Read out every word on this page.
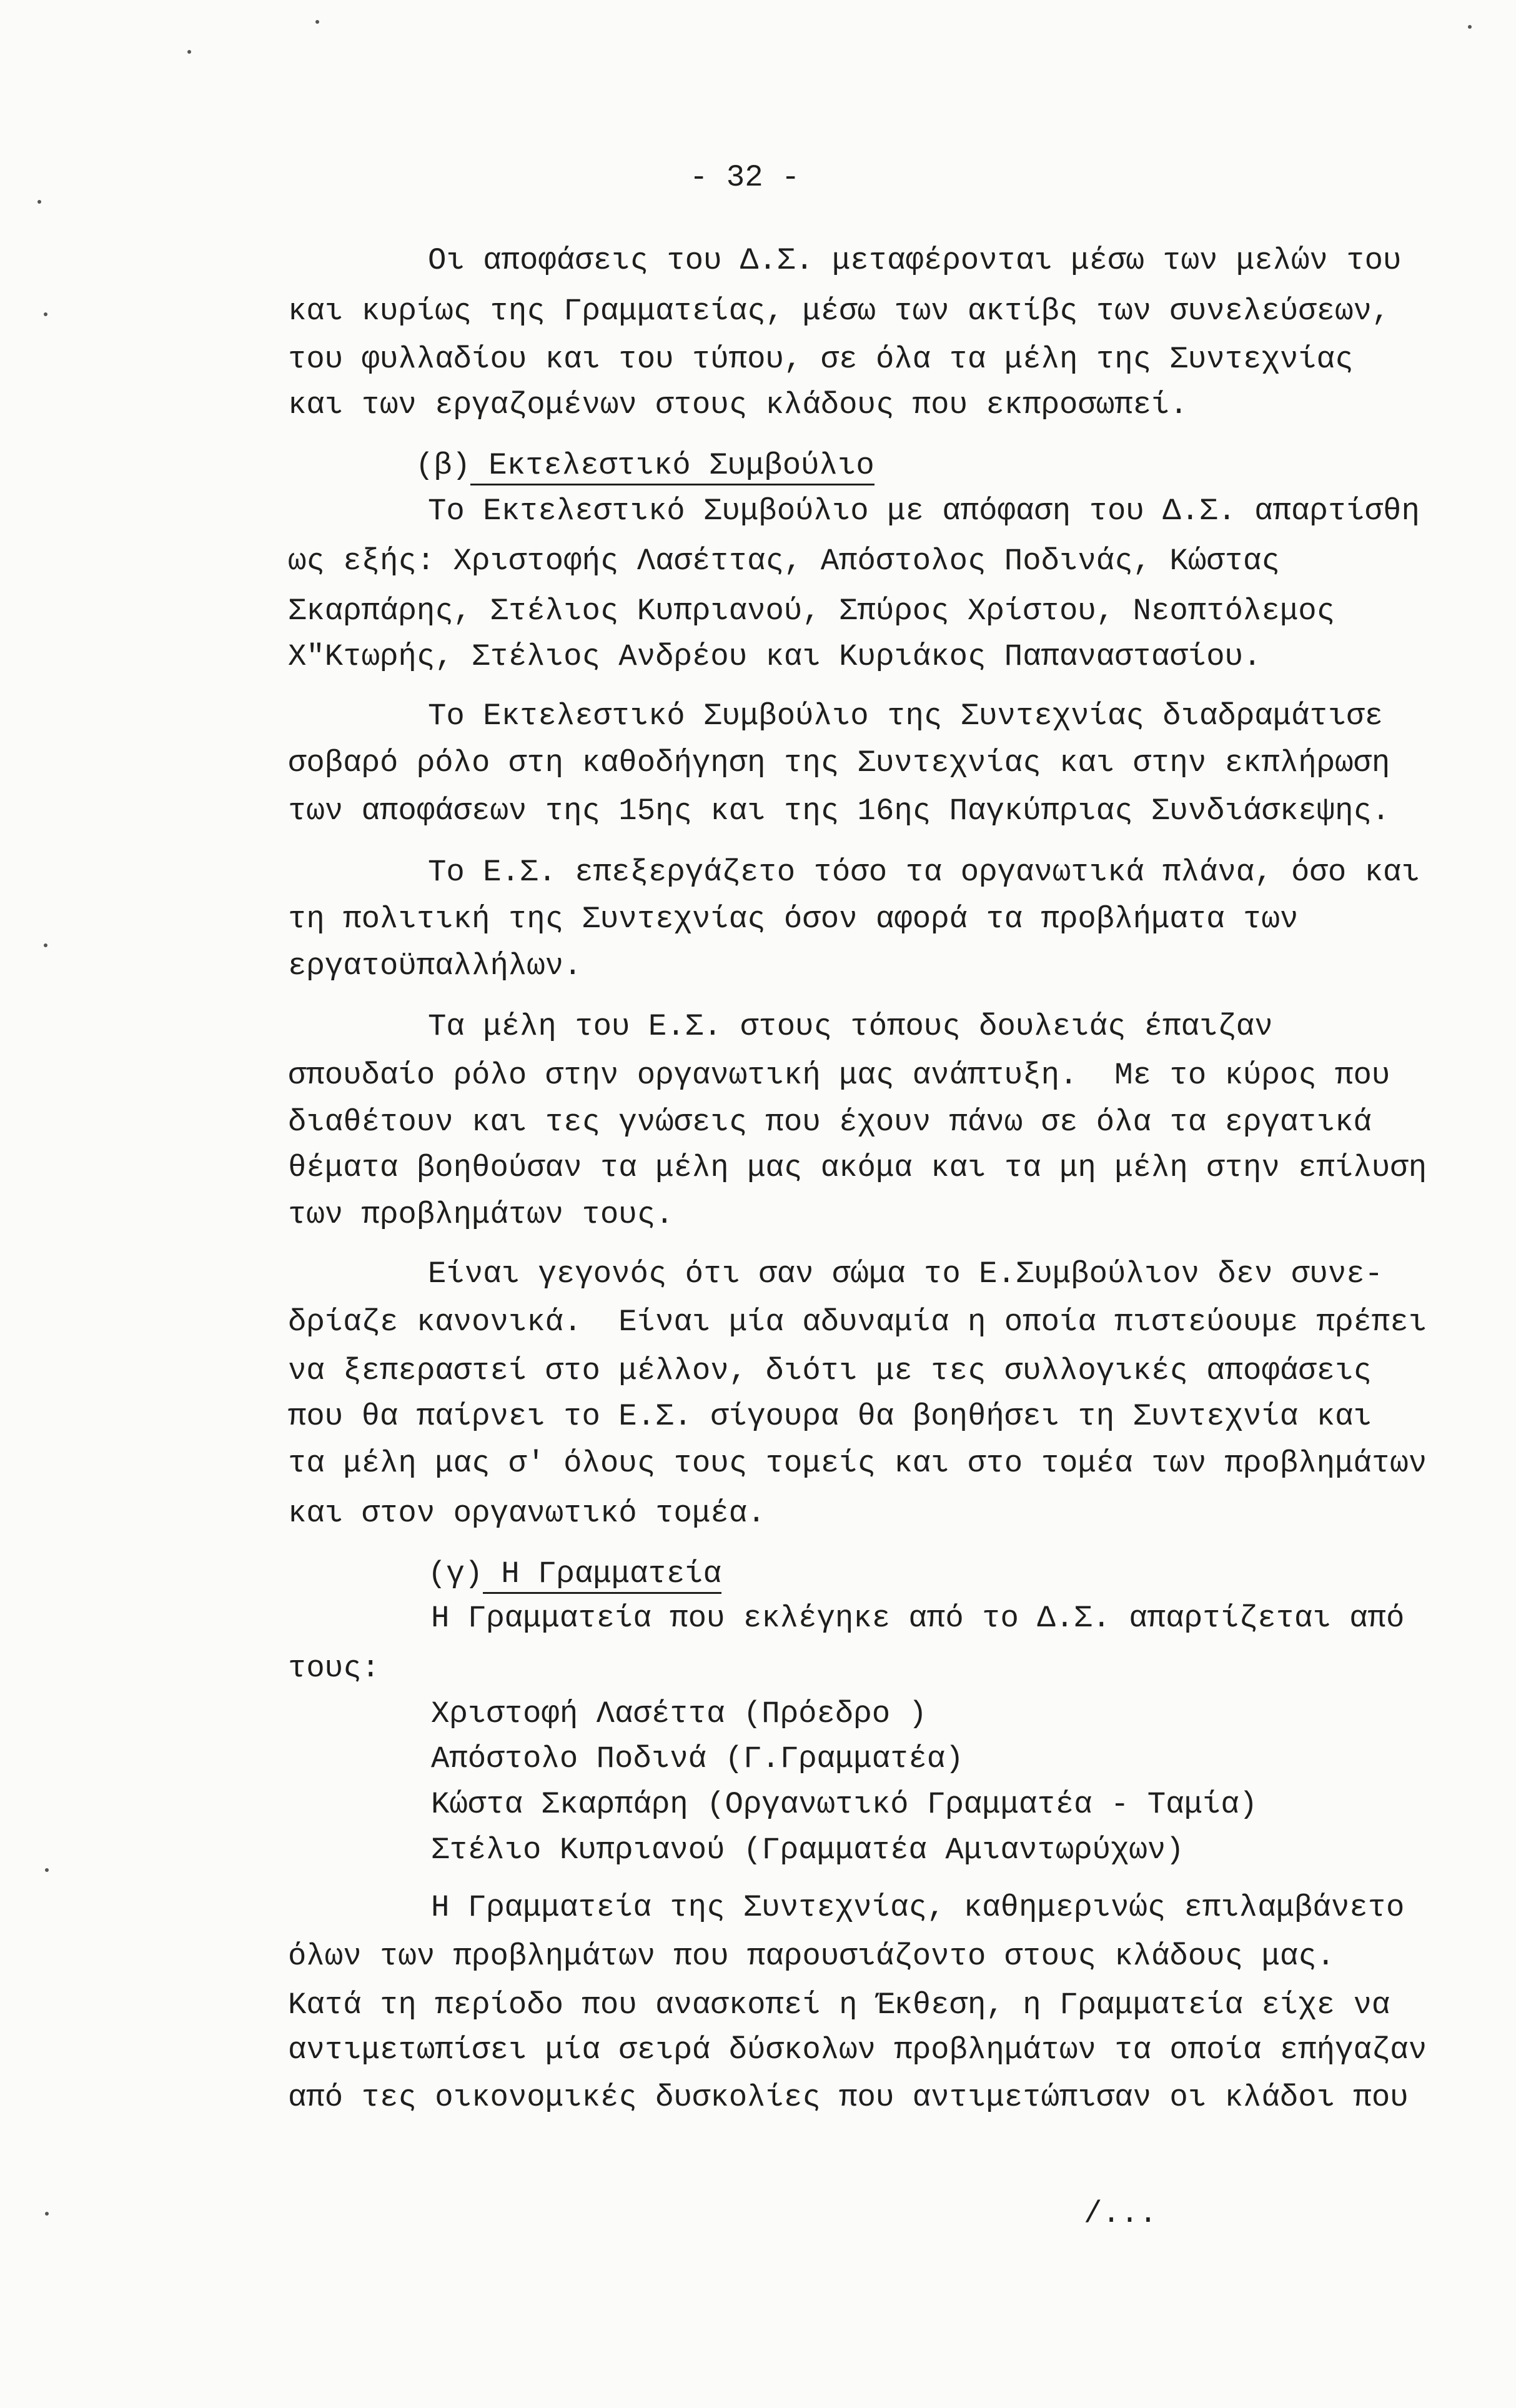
- 32 -
Οι αποφάσεις του Δ.Σ. μεταφέρονται μέσω των μελών του
και κυρίως της Γραμματείας, μέσω των ακτίβς των συνελεύσεων,
του φυλλαδίου και του τύπου, σε όλα τα μέλη της Συντεχνίας
και των εργαζομένων στους κλάδους που εκπροσωπεί.
(β) Εκτελεστικό Συμβούλιο
Το Εκτελεστικό Συμβούλιο με απόφαση του Δ.Σ. απαρτίσθη
ως εξής: Χριστοφής Λασέττας, Απόστολος Ποδινάς, Κώστας
Σκαρπάρης, Στέλιος Κυπριανού, Σπύρος Χρίστου, Νεοπτόλεμος
Χ"Κτωρής, Στέλιος Ανδρέου και Κυριάκος Παπαναστασίου.
Το Εκτελεστικό Συμβούλιο της Συντεχνίας διαδραμάτισε
σοβαρό ρόλο στη καθοδήγηση της Συντεχνίας και στην εκπλήρωση
των αποφάσεων της 15ης και της 16ης Παγκύπριας Συνδιάσκεψης.
Το Ε.Σ. επεξεργάζετο τόσο τα οργανωτικά πλάνα, όσο και
τη πολιτική της Συντεχνίας όσον αφορά τα προβλήματα των
εργατοϋπαλλήλων.
Τα μέλη του Ε.Σ. στους τόπους δουλειάς έπαιζαν
σπουδαίο ρόλο στην οργανωτική μας ανάπτυξη.  Με το κύρος που
διαθέτουν και τες γνώσεις που έχουν πάνω σε όλα τα εργατικά
θέματα βοηθούσαν τα μέλη μας ακόμα και τα μη μέλη στην επίλυση
των προβλημάτων τους.
Είναι γεγονός ότι σαν σώμα το Ε.Συμβούλιον δεν συνε-
δρίαζε κανονικά.  Είναι μία αδυναμία η οποία πιστεύουμε πρέπει
να ξεπεραστεί στο μέλλον, διότι με τες συλλογικές αποφάσεις
που θα παίρνει το Ε.Σ. σίγουρα θα βοηθήσει τη Συντεχνία και
τα μέλη μας σ' όλους τους τομείς και στο τομέα των προβλημάτων
και στον οργανωτικό τομέα.
(γ) Η Γραμματεία
Η Γραμματεία που εκλέγηκε από το Δ.Σ. απαρτίζεται από
τους:
Χριστοφή Λασέττα (Πρόεδρο )
Απόστολο Ποδινά (Γ.Γραμματέα)
Κώστα Σκαρπάρη (Οργανωτικό Γραμματέα - Ταμία)
Στέλιο Κυπριανού (Γραμματέα Αμιαντωρύχων)
Η Γραμματεία της Συντεχνίας, καθημερινώς επιλαμβάνετο
όλων των προβλημάτων που παρουσιάζοντο στους κλάδους μας.
Κατά τη περίοδο που ανασκοπεί η Έκθεση, η Γραμματεία είχε να
αντιμετωπίσει μία σειρά δύσκολων προβλημάτων τα οποία επήγαζαν
από τες οικονομικές δυσκολίες που αντιμετώπισαν οι κλάδοι που
/...
